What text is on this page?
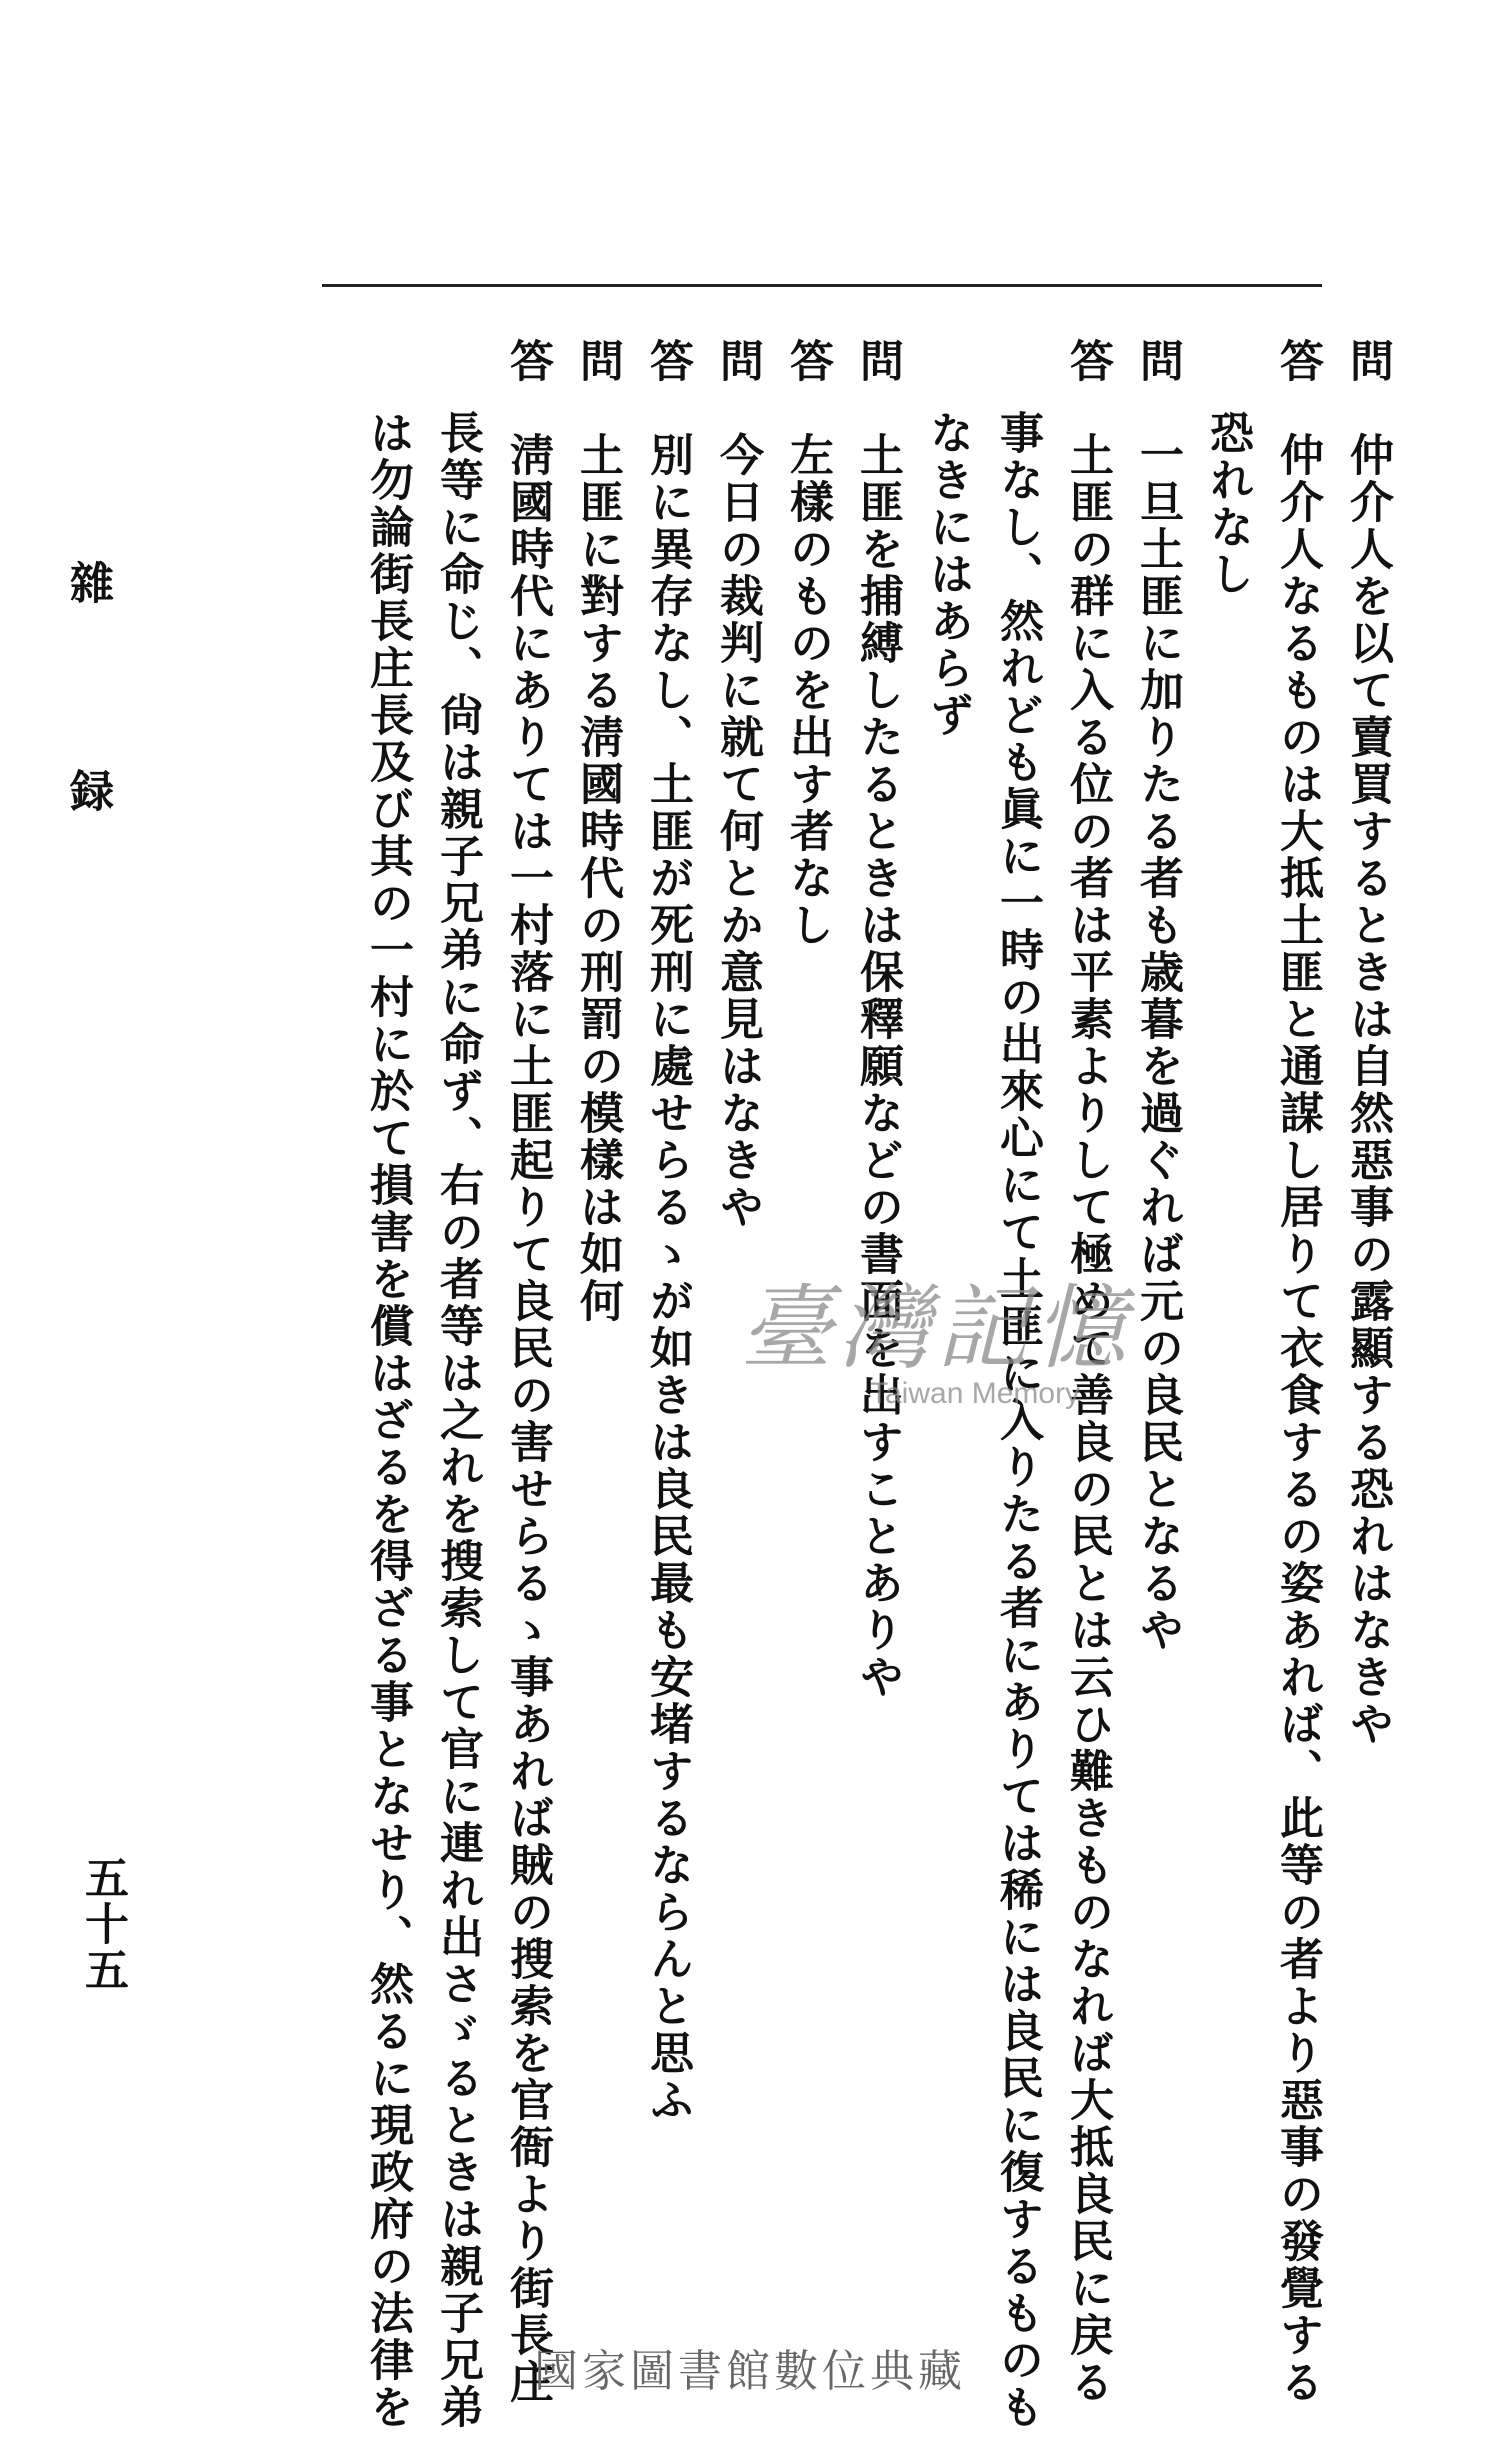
問　仲介人を以て賣買するときは自然惡事の露顯する恐れはなきや
答　仲介人なるものは大抵土匪と通謀し居りて衣食するの姿あれば、此等の者より惡事の發覺する
恐れなし
問　一旦土匪に加りたる者も歳暮を過ぐれば元の良民となるや
答　土匪の群に入る位の者は平素よりして極めて善良の民とは云ひ難きものなれば大抵良民に戻る
事なし、然れども眞に一時の出來心にて土匪に入りたる者にありては稀には良民に復するものも
なきにはあらず
問　土匪を捕縛したるときは保釋願などの書面を出すことありや
答　左樣のものを出す者なし
問　今日の裁判に就て何とか意見はなきや
答　別に異存なし、土匪が死刑に處せらるゝが如きは良民最も安堵するならんと思ふ
問　土匪に對する淸國時代の刑罰の模樣は如何
答　淸國時代にありては一村落に土匪起りて良民の害せらるゝ事あれば賊の搜索を官衙より街長庄
長等に命じ、尙は親子兄弟に命ず、右の者等は之れを搜索して官に連れ出さゞるときは親子兄弟
は勿論街長庄長及び其の一村に於て損害を償はざるを得ざる事となせり、然るに現政府の法律を
雜　録
五十五
臺灣記憶
Taiwan Memory
國家圖書館數位典藏
